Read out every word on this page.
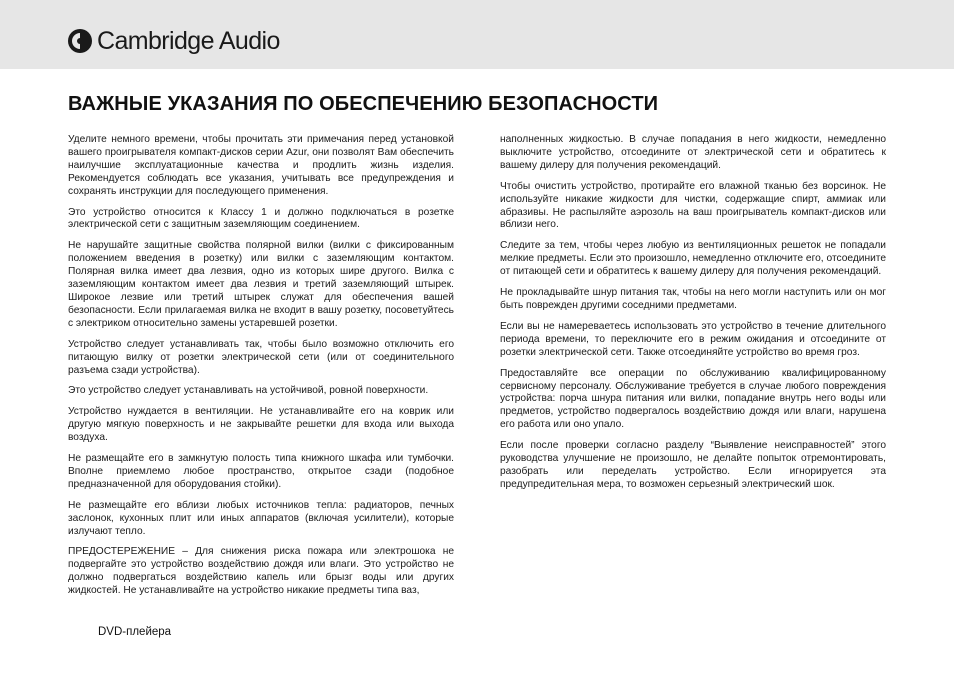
Cambridge Audio
ВАЖНЫЕ УКАЗАНИЯ ПО ОБЕСПЕЧЕНИЮ БЕЗОПАСНОСТИ

Уделите немного времени, чтобы прочитать эти примечания перед установкой вашего проигрывателя компакт-дисков серии Azur, они позволят Вам обеспечить наилучшие эксплуатационные качества и продлить жизнь изделия. Рекомендуется соблюдать все указания, учитывать все предупреждения и сохранять инструкции для последующего применения.

Это устройство относится к Классу 1 и должно подключаться в розетке электрической сети с защитным заземляющим соединением.

Не нарушайте защитные свойства полярной вилки (вилки с фиксированным положением введения в розетку) или вилки с заземляющим контактом. Полярная вилка имеет два лезвия, одно из которых шире другого. Вилка с заземляющим контактом имеет два лезвия и третий заземляющий штырек. Широкое лезвие или третий штырек служат для обеспечения вашей безопасности. Если прилагаемая вилка не входит в вашу розетку, посоветуйтесь с электриком относительно замены устаревшей розетки.

Устройство следует устанавливать так, чтобы было возможно отключить его питающую вилку от розетки электрической сети (или от соединительного разъема сзади устройства).

Это устройство следует устанавливать на устойчивой, ровной поверхности.

Устройство нуждается в вентиляции. Не устанавливайте его на коврик или другую мягкую поверхность и не закрывайте решетки для входа или выхода воздуха.

Не размещайте его в замкнутую полость типа книжного шкафа или тумбочки. Вполне приемлемо любое пространство, открытое сзади (подобное предназначенной для оборудования стойки).

Не размещайте его вблизи любых источников тепла: радиаторов, печных заслонок, кухонных плит или иных аппаратов (включая усилители), которые излучают тепло.

ПРЕДОСТЕРЕЖЕНИЕ – Для снижения риска пожара или электрошока не подвергайте это устройство воздействию дождя или влаги. Это устройство не должно подвергаться воздействию капель или брызг воды или других жидкостей. Не устанавливайте на устройство никакие предметы типа ваз,

наполненных жидкостью. В случае попадания в него жидкости, немедленно выключите устройство, отсоедините от электрической сети и обратитесь к вашему дилеру для получения рекомендаций.

Чтобы очистить устройство, протирайте его влажной тканью без ворсинок. Не используйте никакие жидкости для чистки, содержащие спирт, аммиак или абразивы. Не распыляйте аэрозоль на ваш проигрыватель компакт-дисков или вблизи него.

Следите за тем, чтобы через любую из вентиляционных решеток не попадали мелкие предметы. Если это произошло, немедленно отключите его, отсоедините от питающей сети и обратитесь к вашему дилеру для получения рекомендаций.

Не прокладывайте шнур питания так, чтобы на него могли наступить или он мог быть поврежден другими соседними предметами.

Если вы не намереваетесь использовать это устройство в течение длительного периода времени, то переключите его в режим ожидания и отсоедините от розетки электрической сети. Также отсоединяйте устройство во время гроз.

Предоставляйте все операции по обслуживанию квалифицированному сервисному персоналу. Обслуживание требуется в случае любого повреждения устройства: порча шнура питания или вилки, попадание внутрь него воды или предметов, устройство подвергалось воздействию дождя или влаги, нарушена его работа или оно упало.

Если после проверки согласно разделу “Выявление неисправностей” этого руководства улучшение не произошло, не делайте попыток отремонтировать, разобрать или переделать устройство. Если игнорируется эта предупредительная мера, то возможен серьезный электрический шок.

DVD-плейера
